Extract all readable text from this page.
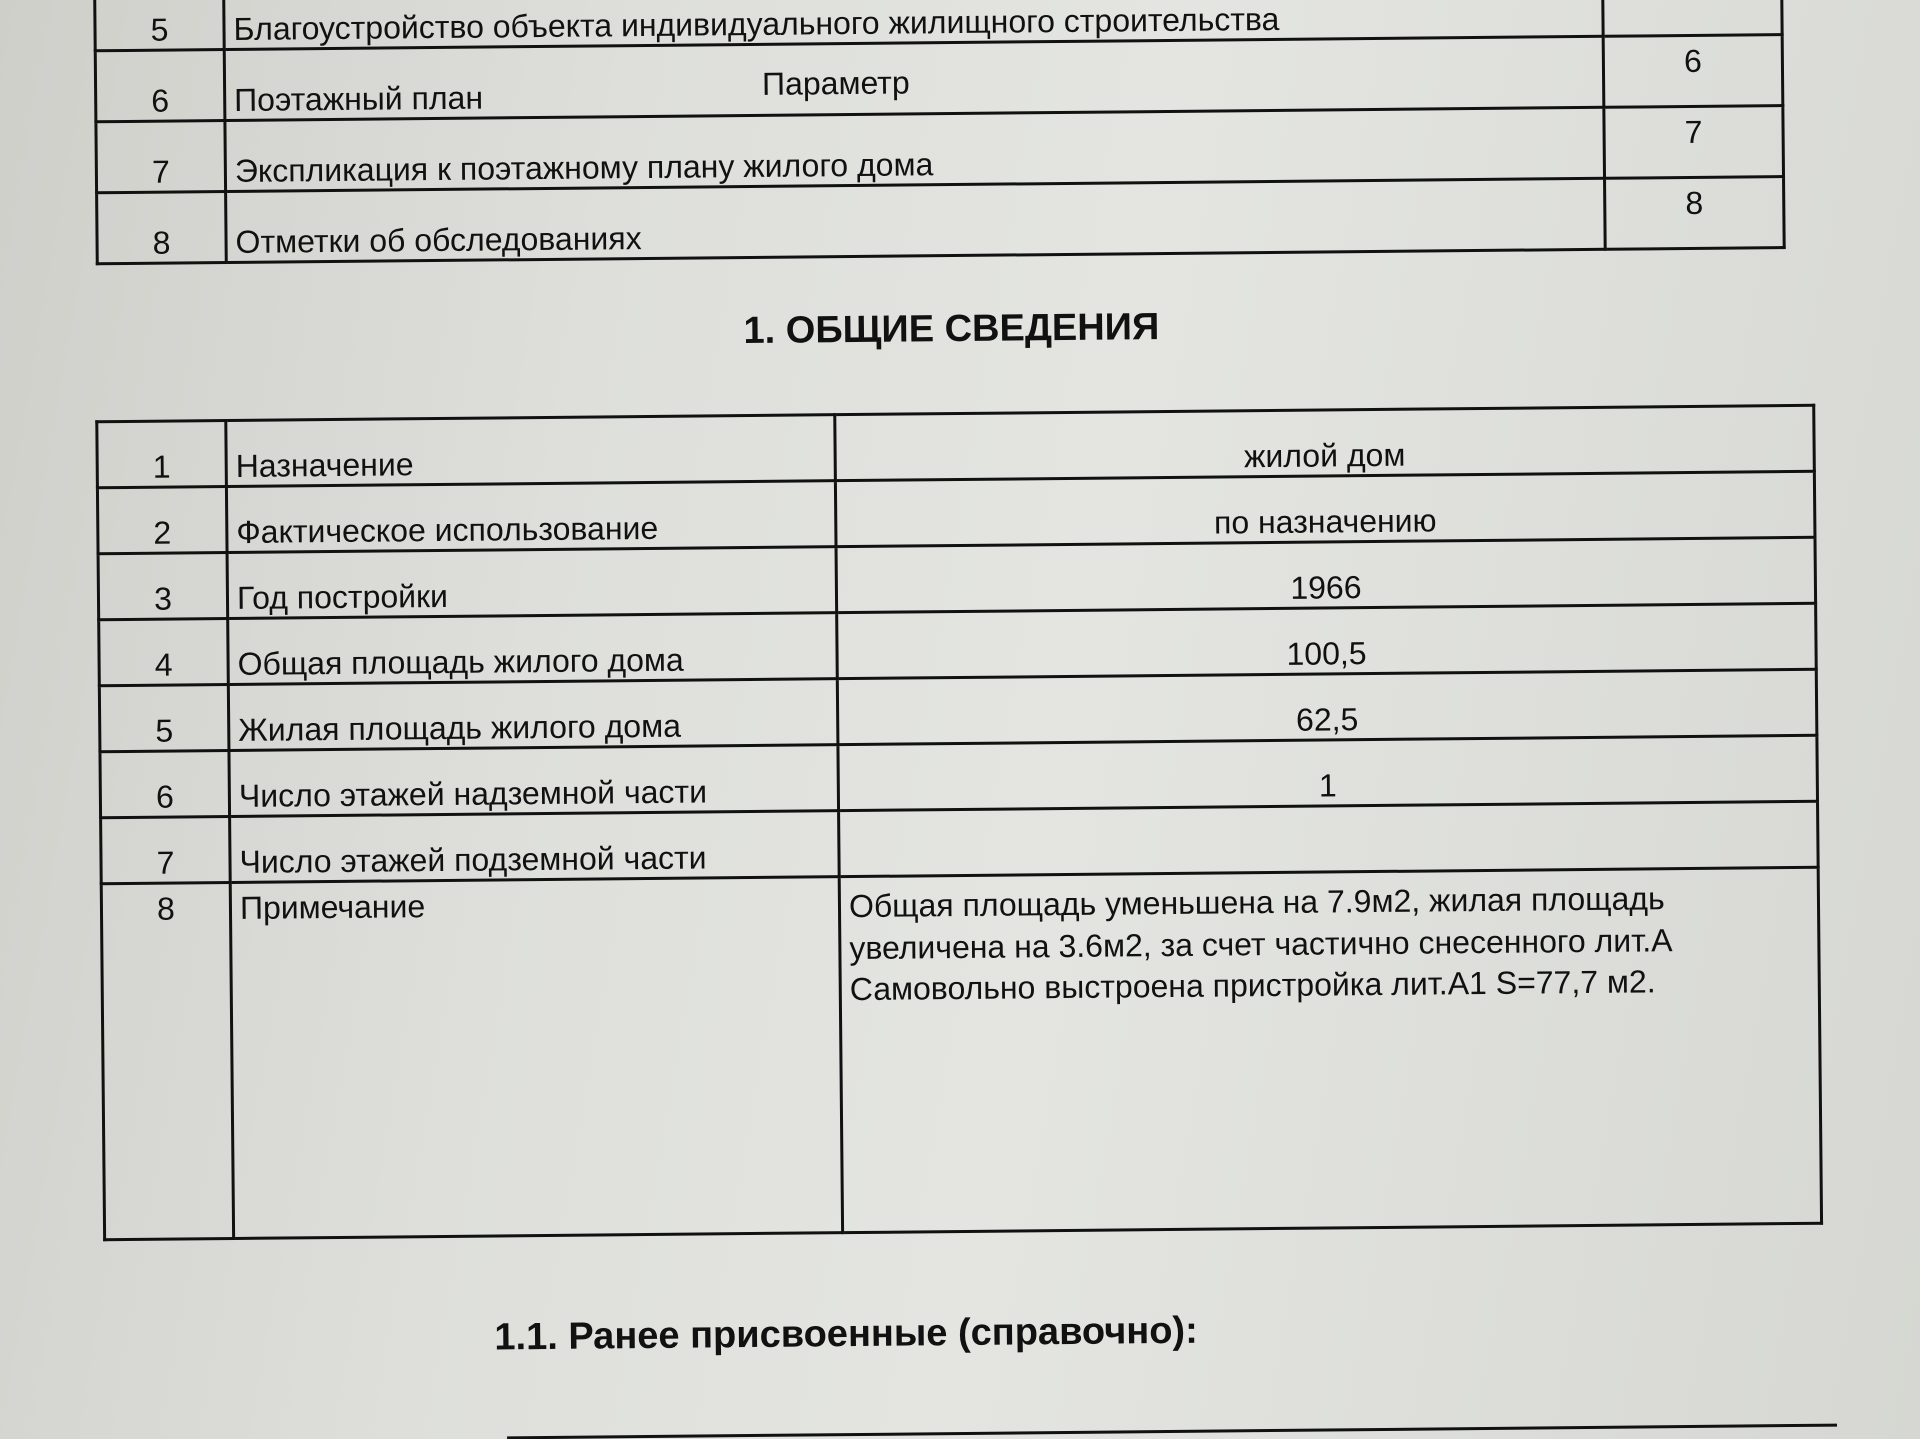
5	Благоустройство объекта индивидуального жилищного строительства	
6	Поэтажный план	6
7	Экспликация к поэтажному плану жилого дома	7
8	Отметки об обследованиях	8
Параметр
1. ОБЩИЕ СВЕДЕНИЯ
1	Назначение	жилой дом
2	Фактическое использование	по назначению
3	Год постройки	1966
4	Общая площадь жилого дома	100,5
5	Жилая площадь жилого дома	62,5
6	Число этажей надземной части	1
7	Число этажей подземной части	
8	Примечание	Общая площадь уменьшена на 7.9м2, жилая площадь
увеличена на 3.6м2, за счет частично снесенного лит.А
Самовольно выстроена пристройка лит.А1 S=77,7 м2.
1.1. Ранее присвоенные (справочно):
